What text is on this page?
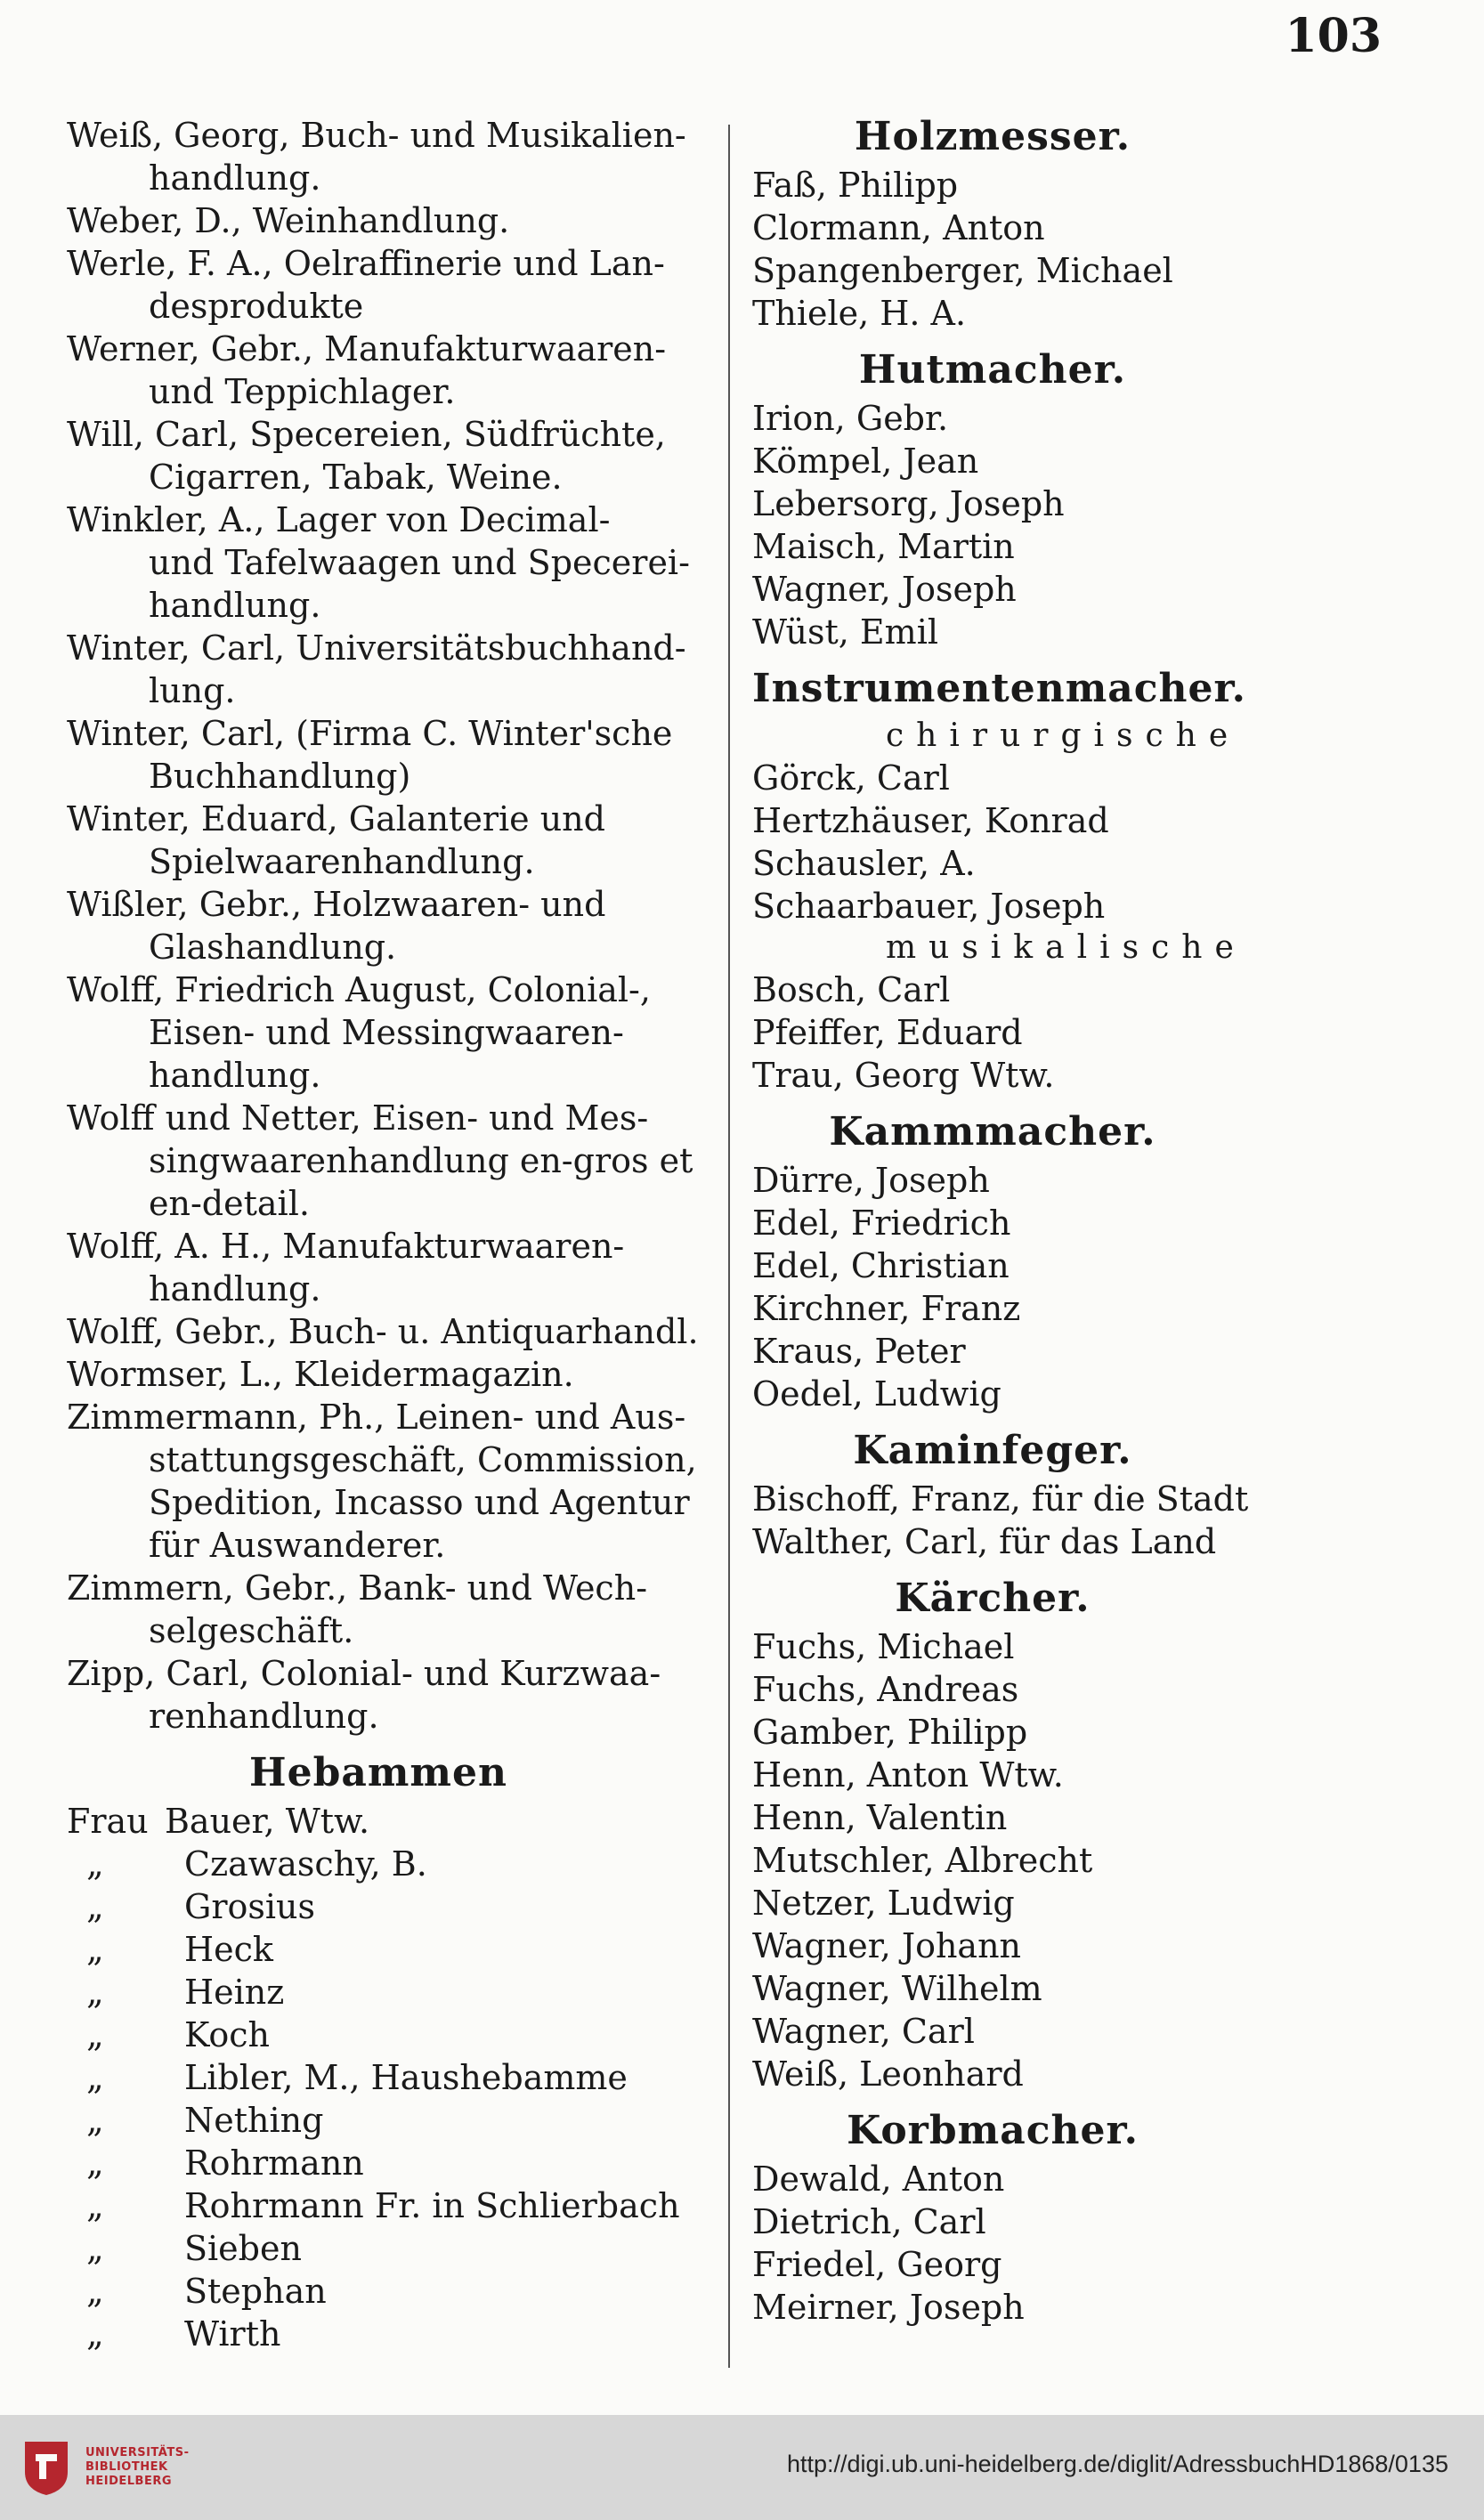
103
Weiß, Georg, Buch- und Musikalien-
handlung.
Weber, D., Weinhandlung.
Werle, F. A., Oelraffinerie und Lan-
desprodukte
Werner, Gebr., Manufakturwaaren-
und Teppichlager.
Will, Carl, Specereien, Südfrüchte,
Cigarren, Tabak, Weine.
Winkler, A., Lager von Decimal-
und Tafelwaagen und Specerei-
handlung.
Winter, Carl, Universitätsbuchhand-
lung.
Winter, Carl, (Firma C. Winter'sche
Buchhandlung)
Winter, Eduard, Galanterie und
Spielwaarenhandlung.
Wißler, Gebr., Holzwaaren- und
Glashandlung.
Wolff, Friedrich August, Colonial-,
Eisen- und Messingwaaren-
handlung.
Wolff und Netter, Eisen- und Mes-
singwaarenhandlung en-gros et
en-detail.
Wolff, A. H., Manufakturwaaren-
handlung.
Wolff, Gebr., Buch- u. Antiquarhandl.
Wormser, L., Kleidermagazin.
Zimmermann, Ph., Leinen- und Aus-
stattungsgeschäft, Commission,
Spedition, Incasso und Agentur
für Auswanderer.
Zimmern, Gebr., Bank- und Wech-
selgeschäft.
Zipp, Carl, Colonial- und Kurzwaa-
renhandlung.
Hebammen
Frau Bauer, Wtw.
„	Czawaschy, B.
„	Grosius
„	Heck
„	Heinz
„	Koch
„	Libler, M., Haushebamme
„	Nething
„	Rohrmann
„	Rohrmann Fr. in Schlierbach
„	Sieben
„	Stephan
„	Wirth
Holzmesser.
Faß, Philipp
Clormann, Anton
Spangenberger, Michael
Thiele, H. A.
Hutmacher.
Irion, Gebr.
Kömpel, Jean
Lebersorg, Joseph
Maisch, Martin
Wagner, Joseph
Wüst, Emil
Instrumentenmacher.
chirurgische
Görck, Carl
Hertzhäuser, Konrad
Schausler, A.
Schaarbauer, Joseph
musikalische
Bosch, Carl
Pfeiffer, Eduard
Trau, Georg Wtw.
Kammmacher.
Dürre, Joseph
Edel, Friedrich
Edel, Christian
Kirchner, Franz
Kraus, Peter
Oedel, Ludwig
Kaminfeger.
Bischoff, Franz, für die Stadt
Walther, Carl, für das Land
Kärcher.
Fuchs, Michael
Fuchs, Andreas
Gamber, Philipp
Henn, Anton Wtw.
Henn, Valentin
Mutschler, Albrecht
Netzer, Ludwig
Wagner, Johann
Wagner, Wilhelm
Wagner, Carl
Weiß, Leonhard
Korbmacher.
Dewald, Anton
Dietrich, Carl
Friedel, Georg
Meirner, Joseph
UNIVERSITÄTS-
BIBLIOTHEK
HEIDELBERG
http://digi.ub.uni-heidelberg.de/diglit/AdressbuchHD1868/0135
